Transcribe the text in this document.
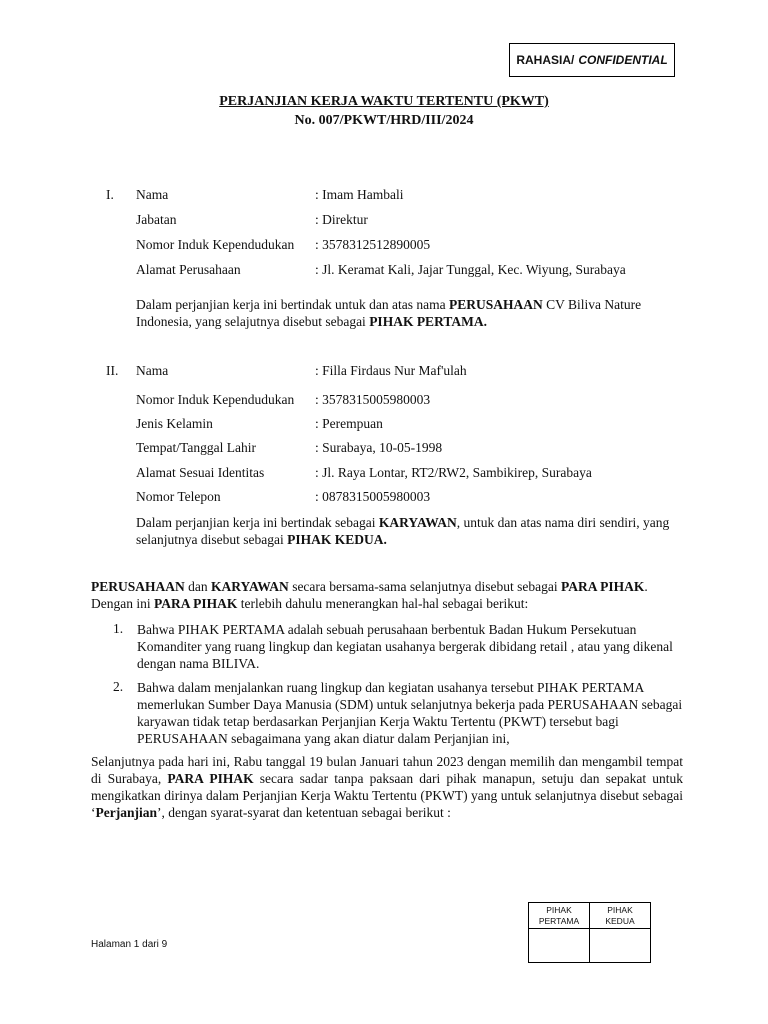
RAHASIA/ CONFIDENTIAL
PERJANJIAN KERJA WAKTU TERTENTU (PKWT)
No. 007/PKWT/HRD/III/2024
I. Nama	: Imam Hambali
Jabatan	: Direktur
Nomor Induk Kependudukan : 3578312512890005
Alamat Perusahaan	: Jl. Keramat Kali, Jajar Tunggal, Kec. Wiyung, Surabaya
Dalam perjanjian kerja ini bertindak untuk dan atas nama PERUSAHAAN CV Biliva Nature Indonesia, yang selajutnya disebut sebagai PIHAK PERTAMA.
II. Nama	: Filla Firdaus Nur Maf'ulah
Nomor Induk Kependudukan : 3578315005980003
Jenis Kelamin	: Perempuan
Tempat/Tanggal Lahir	: Surabaya, 10-05-1998
Alamat Sesuai Identitas	: Jl. Raya Lontar, RT2/RW2, Sambikirep, Surabaya
Nomor Telepon	: 0878315005980003
Dalam perjanjian kerja ini bertindak sebagai KARYAWAN, untuk dan atas nama diri sendiri, yang selanjutnya disebut sebagai PIHAK KEDUA.
PERUSAHAAN dan KARYAWAN secara bersama-sama selanjutnya disebut sebagai PARA PIHAK. Dengan ini PARA PIHAK terlebih dahulu menerangkan hal-hal sebagai berikut:
1. Bahwa PIHAK PERTAMA adalah sebuah perusahaan berbentuk Badan Hukum Persekutuan Komanditer yang ruang lingkup dan kegiatan usahanya bergerak dibidang retail , atau yang dikenal dengan nama BILIVA.
2. Bahwa dalam menjalankan ruang lingkup dan kegiatan usahanya tersebut PIHAK PERTAMA memerlukan Sumber Daya Manusia (SDM) untuk selanjutnya bekerja pada PERUSAHAAN sebagai karyawan tidak tetap berdasarkan Perjanjian Kerja Waktu Tertentu (PKWT) tersebut bagi PERUSAHAAN sebagaimana yang akan diatur dalam Perjanjian ini,
Selanjutnya pada hari ini, Rabu tanggal 19 bulan Januari tahun 2023 dengan memilih dan mengambil tempat di Surabaya, PARA PIHAK secara sadar tanpa paksaan dari pihak manapun, setuju dan sepakat untuk mengikatkan dirinya dalam Perjanjian Kerja Waktu Tertentu (PKWT) yang untuk selanjutnya disebut sebagai ‘Perjanjian’, dengan syarat-syarat dan ketentuan sebagai berikut :
Halaman 1 dari 9
PIHAK
PERTAMA	PIHAK
KEDUA
